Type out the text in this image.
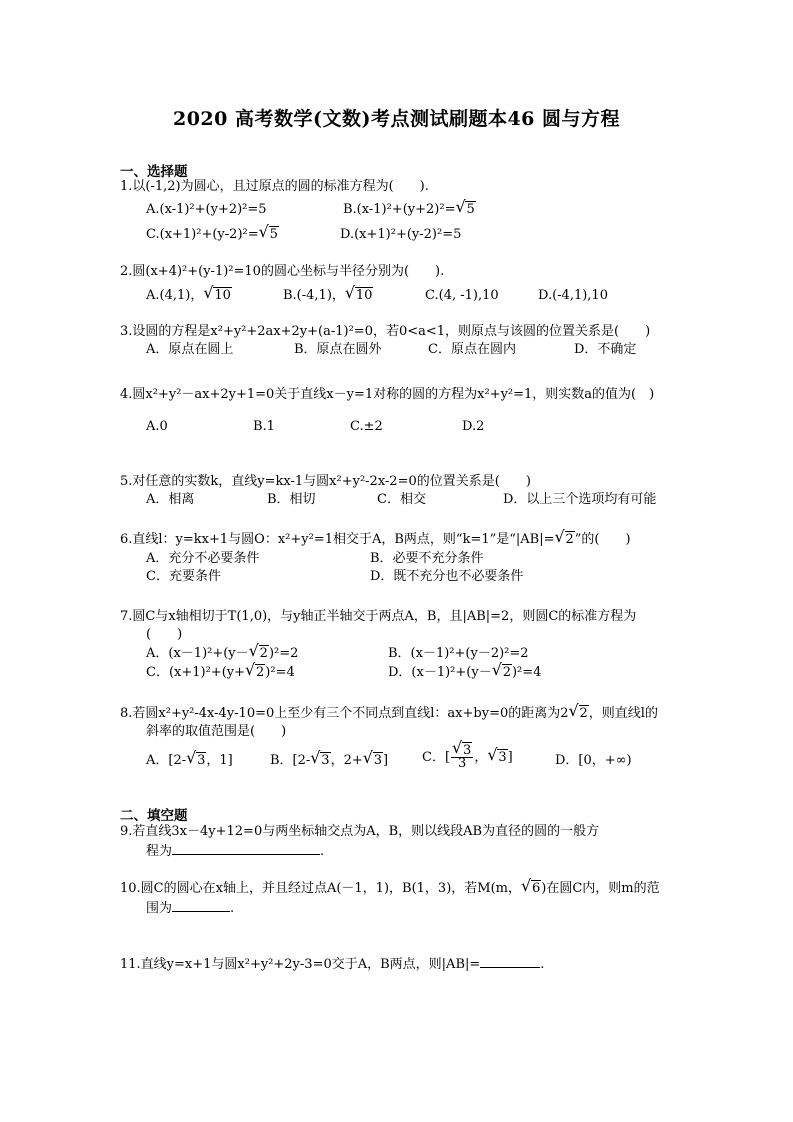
2020 高考数学(文数)考点测试刷题本46 圆与方程
一、选择题
1.以(-1,2)为圆心，且过原点的圆的标准方程为(　　).
A.(x-1)²+(y+2)²=5	B.(x-1)²+(y+2)²= √ 5
C.(x+1)²+(y-2)²= √ 5	D.(x+1)²+(y-2)²=5
2.圆(x+4)²+(y-1)²=10的圆心坐标与半径分别为(　　).
A.(4,1)， √ 10	B.(-4,1)， √ 10	C.(4, -1),10	D.(-4,1),10
3.设圆的方程是x²+y²+2ax+2y+(a-1)²=0，若0<a<1，则原点与该圆的位置关系是(　　)
A．原点在圆上	B．原点在圆外	C．原点在圆内	D．不确定
4.圆x²+y²－ax+2y+1=0关于直线x－y=1对称的圆的方程为x²+y²=1，则实数a的值为(　)
A.0	B.1	C.±2	D.2
5.对任意的实数k，直线y=kx-1与圆x²+y²-2x-2=0的位置关系是(　　)
A．相离	B．相切	C．相交	D．以上三个选项均有可能
6.直线l：y=kx+1与圆O：x²+y²=1相交于A，B两点，则“k=1”是“|AB|= √ 2”的(　　)
A．充分不必要条件	B．必要不充分条件
C．充要条件	D．既不充分也不必要条件
7.圆C与x轴相切于T(1,0)，与y轴正半轴交于两点A，B，且|AB|=2，则圆C的标准方程为
(　　)
A．(x－1)²+(y－ √ 2)²=2	B．(x－1)²+(y－2)²=2
C．(x+1)²+(y+ √ 2)²=4	D．(x－1)²+(y－ √ 2)²=4
8.若圆x²+y²-4x-4y-10=0上至少有三个不同点到直线l：ax+by=0的距离为2 √ 2，则直线l的
斜率的取值范围是(　　)
A．[2- √ 3，1]	B．[2- √ 3，2+ √ 3]	C．[ √ $\frac{3}{3}$ ， √ 3]	D．[0，+∞)
二、填空题
9.若直线3x－4y+12=0与两坐标轴交点为A，B，则以线段AB为直径的圆的一般方
程为	.
10.圆C的圆心在x轴上，并且经过点A(－1，1)，B(1，3)，若M(m， √ 6)在圆C内，则m的范
围为	.
11.直线y=x+1与圆x²+y²+2y-3=0交于A，B两点，则|AB|=	.
